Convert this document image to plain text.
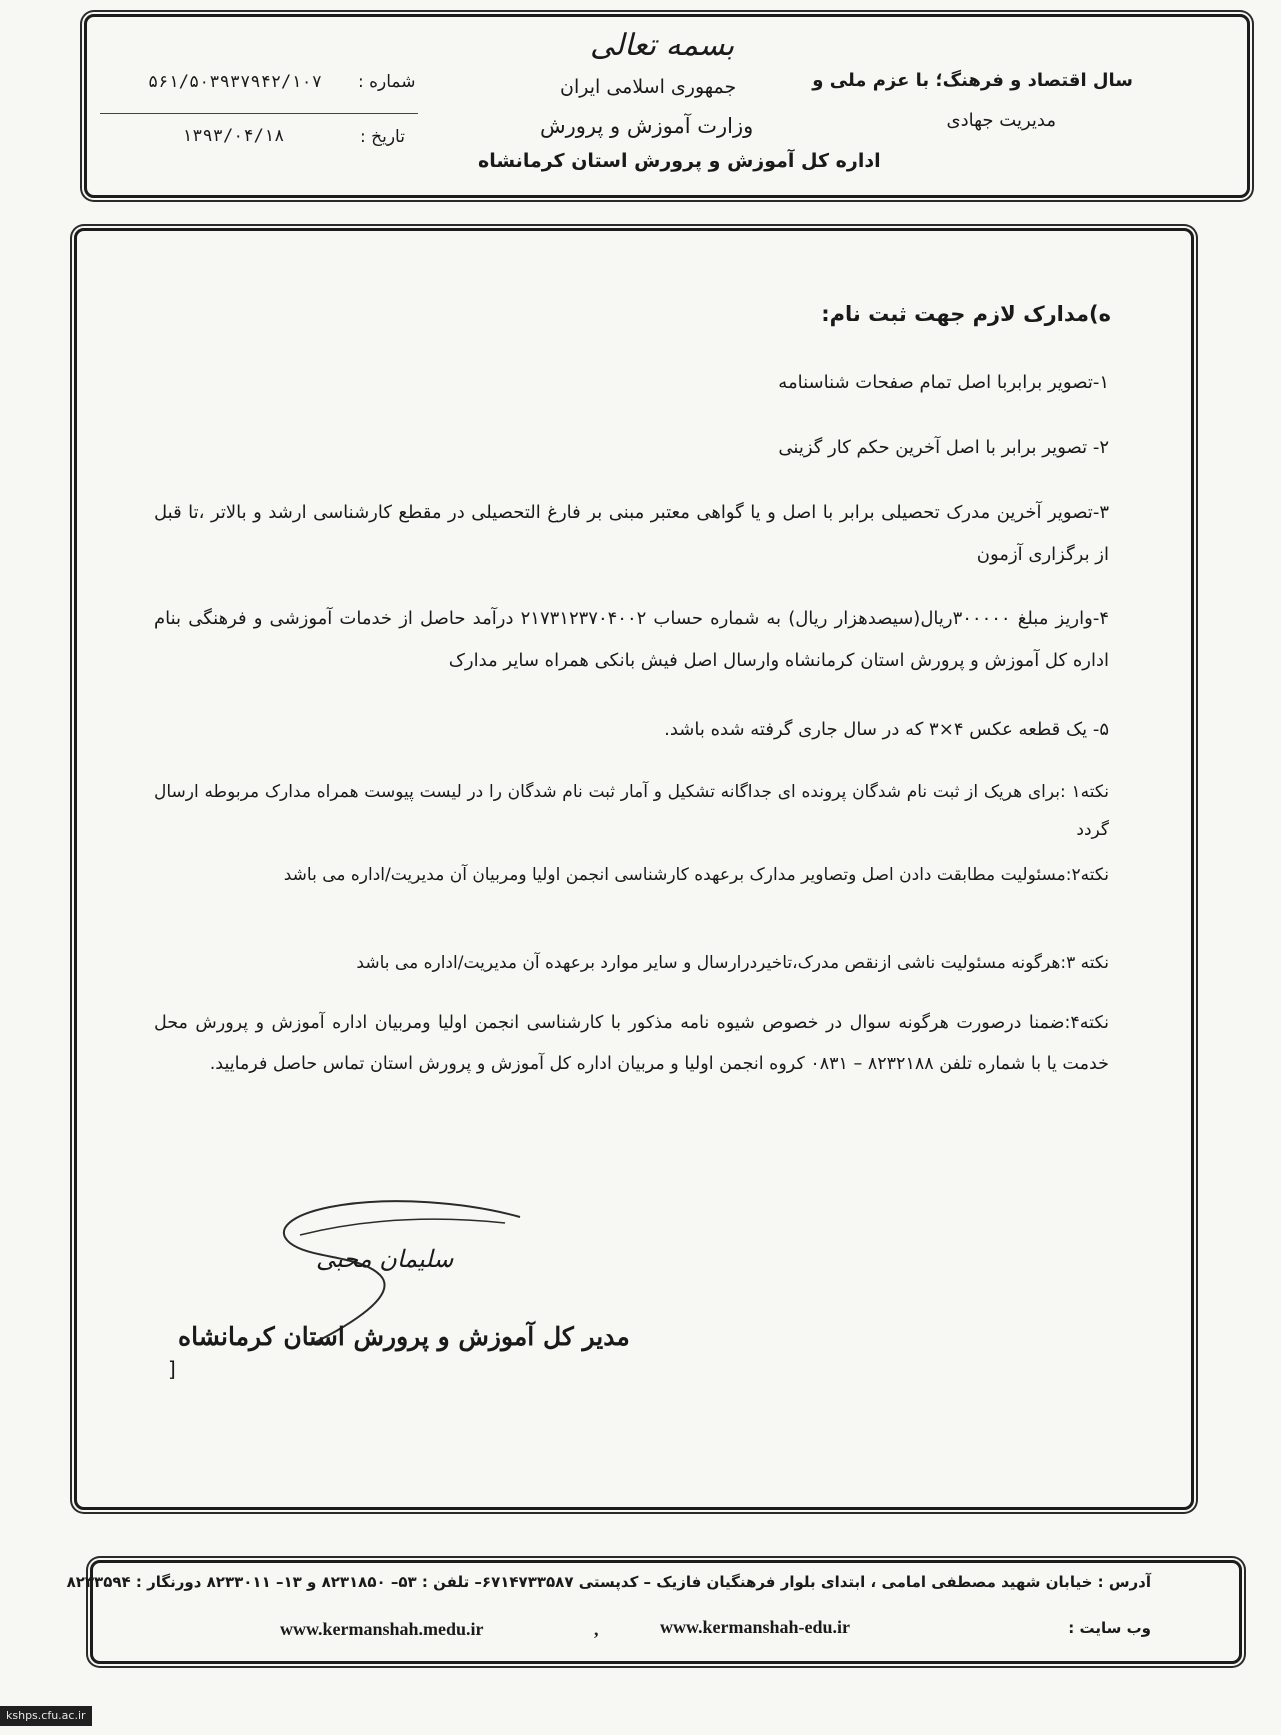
بسمه تعالی
جمهوری اسلامی ایران
وزارت آموزش و پرورش
اداره کل آموزش و پرورش استان کرمانشاه
سال اقتصاد و فرهنگ؛ با عزم ملی و
مدیریت جهادی
شماره :
۵۶۱/۵۰۳۹۳۷۹۴۲/۱۰۷
تاریخ :
۱۳۹۳/۰۴/۱۸
ه)مدارک لازم جهت ثبت نام:
۱-تصویر برابربا اصل تمام صفحات شناسنامه
۲- تصویر برابر با اصل آخرین حکم کار گزینی
۳-تصویر آخرین مدرک تحصیلی برابر با اصل و یا گواهی معتبر مبنی بر فارغ التحصیلی در مقطع کارشناسی ارشد و بالاتر ،تا قبل از برگزاری آزمون
۴-واریز مبلغ ۳۰۰۰۰۰ریال(سیصدهزار ریال) به شماره حساب ۲۱۷۳۱۲۳۷۰۴۰۰۲ درآمد حاصل از خدمات آموزشی و فرهنگی بنام اداره کل آموزش و پرورش استان کرمانشاه وارسال اصل فیش بانکی همراه سایر مدارک
۵- یک قطعه عکس ۴×۳ که در سال جاری گرفته شده باشد.
نکته۱ :برای هریک از ثبت نام شدگان پرونده ای جداگانه تشکیل و آمار ثبت نام شدگان را در لیست پیوست همراه مدارک مربوطه ارسال گردد
نکته۲:مسئولیت مطابقت دادن اصل وتصاویر مدارک برعهده کارشناسی انجمن اولیا ومربیان آن مدیریت/اداره می باشد
نکته ۳:هرگونه مسئولیت ناشی ازنقص مدرک،تاخیردرارسال و سایر موارد برعهده آن مدیریت/اداره می باشد
نکته۴:ضمنا درصورت هرگونه سوال در خصوص شیوه نامه مذکور با کارشناسی انجمن اولیا ومربیان اداره آموزش و پرورش محل خدمت یا با شماره تلفن ۸۲۳۲۱۸۸ – ۰۸۳۱ کروه انجمن اولیا و مربیان اداره کل آموزش و پرورش استان تماس حاصل فرمایید.
سلیمان محبی
مدیر کل آموزش و پرورش استان کرمانشاه
]
آدرس : خیابان شهید مصطفی امامی ، ابتدای بلوار فرهنگیان فازیک – کدپستی ۶۷۱۴۷۳۳۵۸۷– تلفن : ۵۳– ۸۲۳۱۸۵۰ و ۱۳– ۸۲۳۳۰۱۱ دورنگار : ۸۲۳۳۵۹۴
وب سایت :
www.kermanshah-edu.ir
,
www.kermanshah.medu.ir
kshps.cfu.ac.ir
